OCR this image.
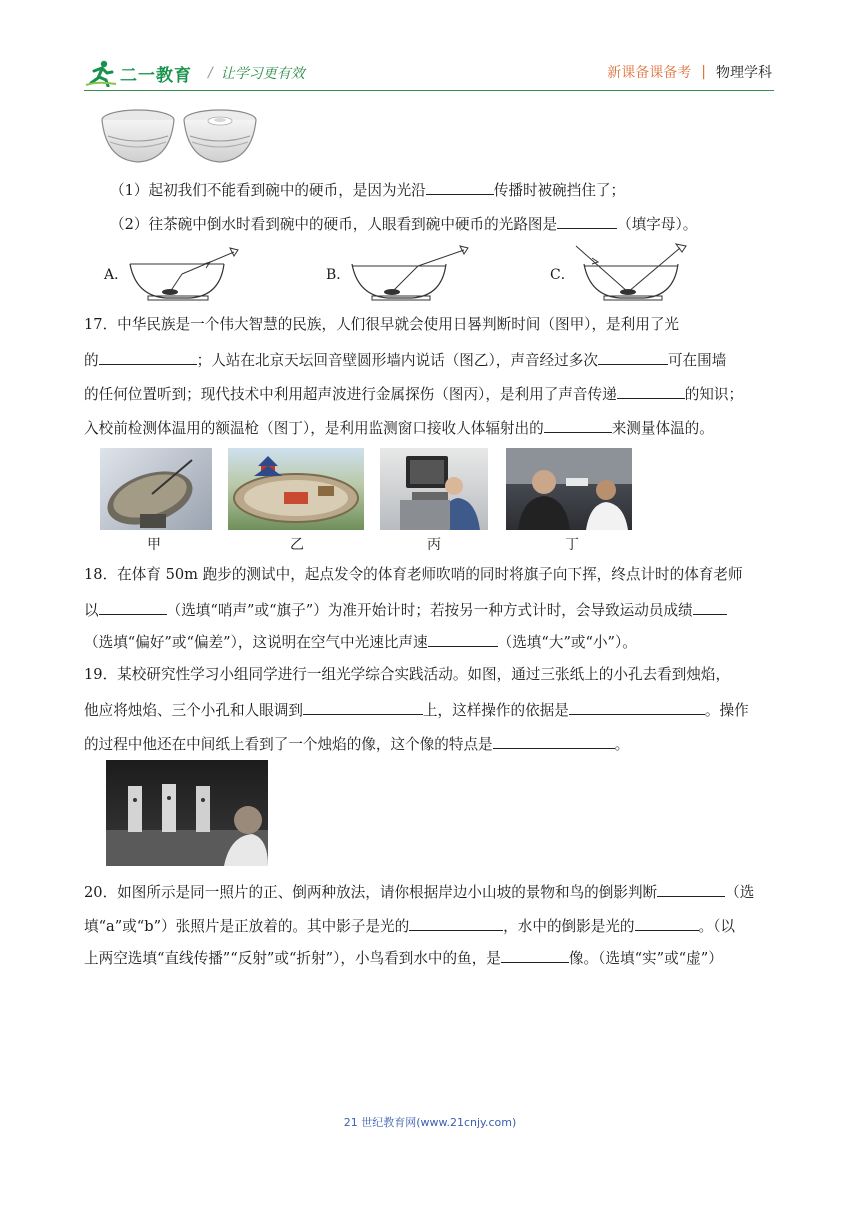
二一教育 / 让学习更有效	新课备课备考 | 物理学科
（1）起初我们不能看到碗中的硬币，是因为光沿	传播时被碗挡住了；
（2）往茶碗中倒水时看到碗中的硬币，人眼看到碗中硬币的光路图是	（填字母）。
A．	B．	C．
17．中华民族是一个伟大智慧的民族，人们很早就会使用日晷判断时间（图甲），是利用了光
的	；人站在北京天坛回音壁圆形墙内说话（图乙），声音经过多次	可在围墙
的任何位置听到；现代技术中利用超声波进行金属探伤（图丙），是利用了声音传递	的知识；
入校前检测体温用的额温枪（图丁），是利用监测窗口接收人体辐射出的	来测量体温的。
甲	乙	丙	丁
18．在体育 50m 跑步的测试中，起点发令的体育老师吹哨的同时将旗子向下挥，终点计时的体育老师
以	（选填“哨声”或“旗子”）为准开始计时；若按另一种方式计时，会导致运动员成绩
（选填“偏好”或“偏差”），这说明在空气中光速比声速	（选填“大”或“小”）。
19．某校研究性学习小组同学进行一组光学综合实践活动。如图，通过三张纸上的小孔去看到烛焰，
他应将烛焰、三个小孔和人眼调到	上，这样操作的依据是	。操作
的过程中他还在中间纸上看到了一个烛焰的像，这个像的特点是	。
20．如图所示是同一照片的正、倒两种放法，请你根据岸边小山坡的景物和鸟的倒影判断	（选
填“a”或“b”）张照片是正放着的。其中影子是光的	，水中的倒影是光的	。（以
上两空选填“直线传播”“反射”或“折射”），小鸟看到水中的鱼，是	像。（选填“实”或“虚”）
21 世纪教育网(www.21cnjy.com)
